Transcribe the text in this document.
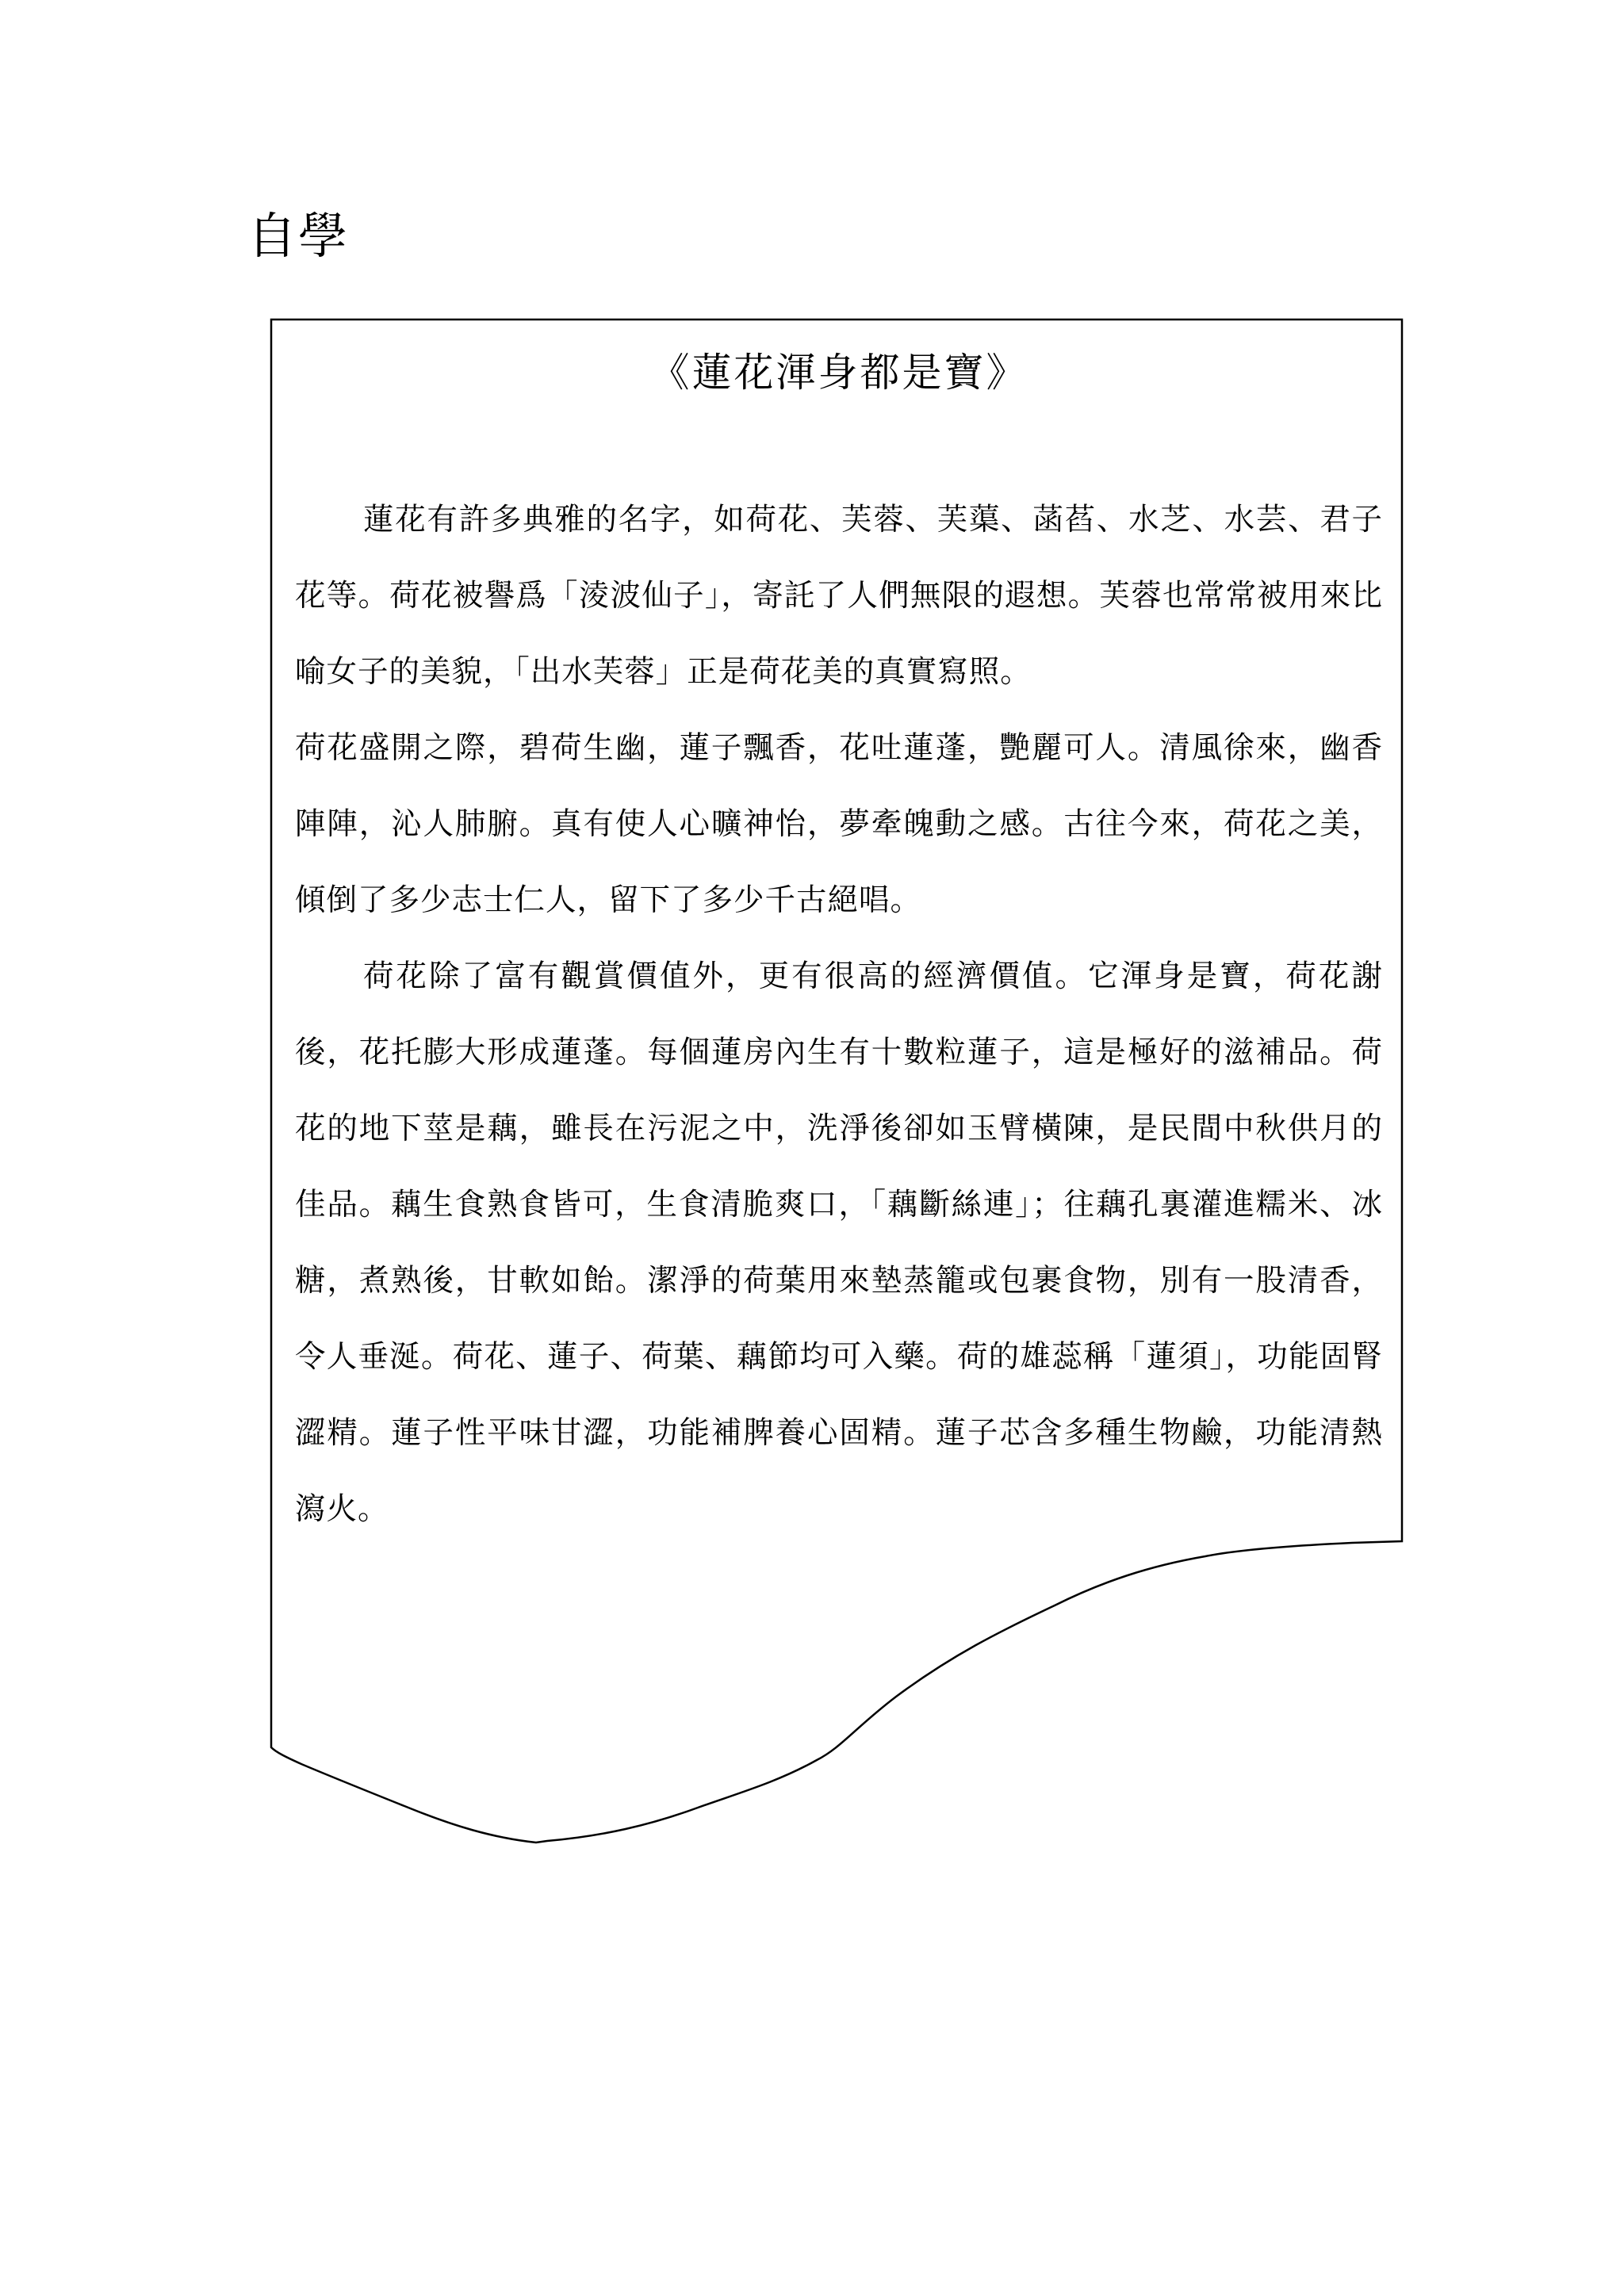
自學
《蓮花渾身都是寶》

蓮花有許多典雅的名字，如荷花、芙蓉、芙蕖、菡萏、水芝、水芸、君子花等。荷花被譽爲「淩波仙子」，寄託了人們無限的遐想。芙蓉也常常被用來比喻女子的美貌，「出水芙蓉」正是荷花美的真實寫照。

荷花盛開之際，碧荷生幽，蓮子飄香，花吐蓮蓬，艷麗可人。清風徐來，幽香陣陣，沁人肺腑。真有使人心曠神怡，夢牽魄動之感。古往今來，荷花之美，傾倒了多少志士仁人，留下了多少千古絕唱。

荷花除了富有觀賞價值外，更有很高的經濟價值。它渾身是寶，荷花謝後，花托膨大形成蓮蓬。每個蓮房內生有十數粒蓮子，這是極好的滋補品。荷花的地下莖是藕，雖長在污泥之中，洗淨後卻如玉臂橫陳，是民間中秋供月的佳品。藕生食熟食皆可，生食清脆爽口，「藕斷絲連」；往藕孔裏灌進糯米、冰糖，煮熟後，甘軟如飴。潔淨的荷葉用來墊蒸籠或包裹食物，別有一股清香，令人垂涎。荷花、蓮子、荷葉、藕節均可入藥。荷的雄蕊稱「蓮須」，功能固腎澀精。蓮子性平味甘澀，功能補脾養心固精。蓮子芯含多種生物鹼，功能清熱瀉火。
